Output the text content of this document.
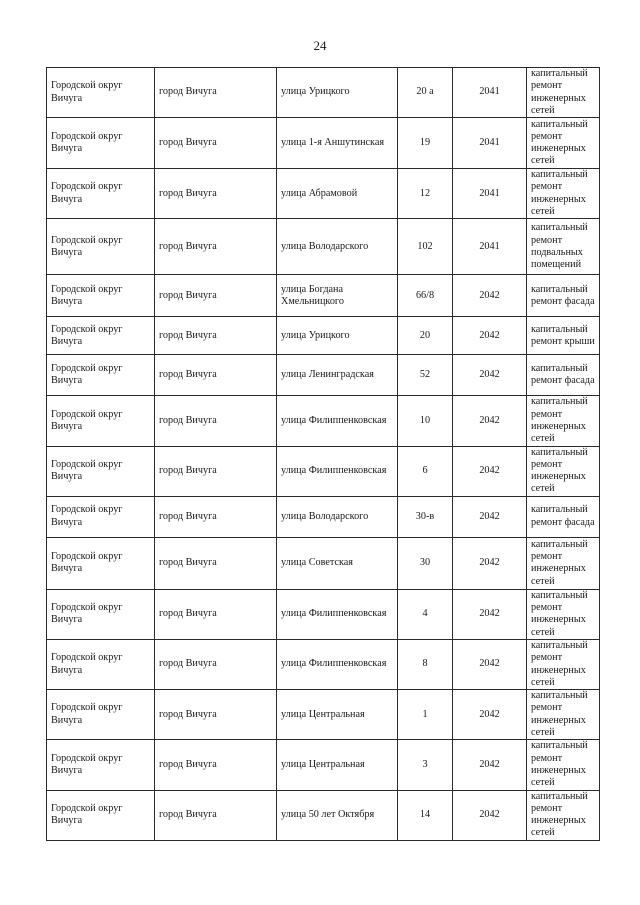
24
Городской округ Вичуга	город Вичуга	улица Урицкого	20 а	2041	капитальный ремонт инженерных сетей
Городской округ Вичуга	город Вичуга	улица 1-я Аншутинская	19	2041	капитальный ремонт инженерных сетей
Городской округ Вичуга	город Вичуга	улица Абрамовой	12	2041	капитальный ремонт инженерных сетей
Городской округ Вичуга	город Вичуга	улица Володарского	102	2041	капитальный ремонт подвальных помещений
Городской округ Вичуга	город Вичуга	улица Богдана Хмельницкого	66/8	2042	капитальный ремонт фасада
Городской округ Вичуга	город Вичуга	улица Урицкого	20	2042	капитальный ремонт крыши
Городской округ Вичуга	город Вичуга	улица Ленинградская	52	2042	капитальный ремонт фасада
Городской округ Вичуга	город Вичуга	улица Филиппенковская	10	2042	капитальный ремонт инженерных сетей
Городской округ Вичуга	город Вичуга	улица Филиппенковская	6	2042	капитальный ремонт инженерных сетей
Городской округ Вичуга	город Вичуга	улица Володарского	30-в	2042	капитальный ремонт фасада
Городской округ Вичуга	город Вичуга	улица Советская	30	2042	капитальный ремонт инженерных сетей
Городской округ Вичуга	город Вичуга	улица Филиппенковская	4	2042	капитальный ремонт инженерных сетей
Городской округ Вичуга	город Вичуга	улица Филиппенковская	8	2042	капитальный ремонт инженерных сетей
Городской округ Вичуга	город Вичуга	улица Центральная	1	2042	капитальный ремонт инженерных сетей
Городской округ Вичуга	город Вичуга	улица Центральная	3	2042	капитальный ремонт инженерных сетей
Городской округ Вичуга	город Вичуга	улица 50 лет Октября	14	2042	капитальный ремонт инженерных сетей
